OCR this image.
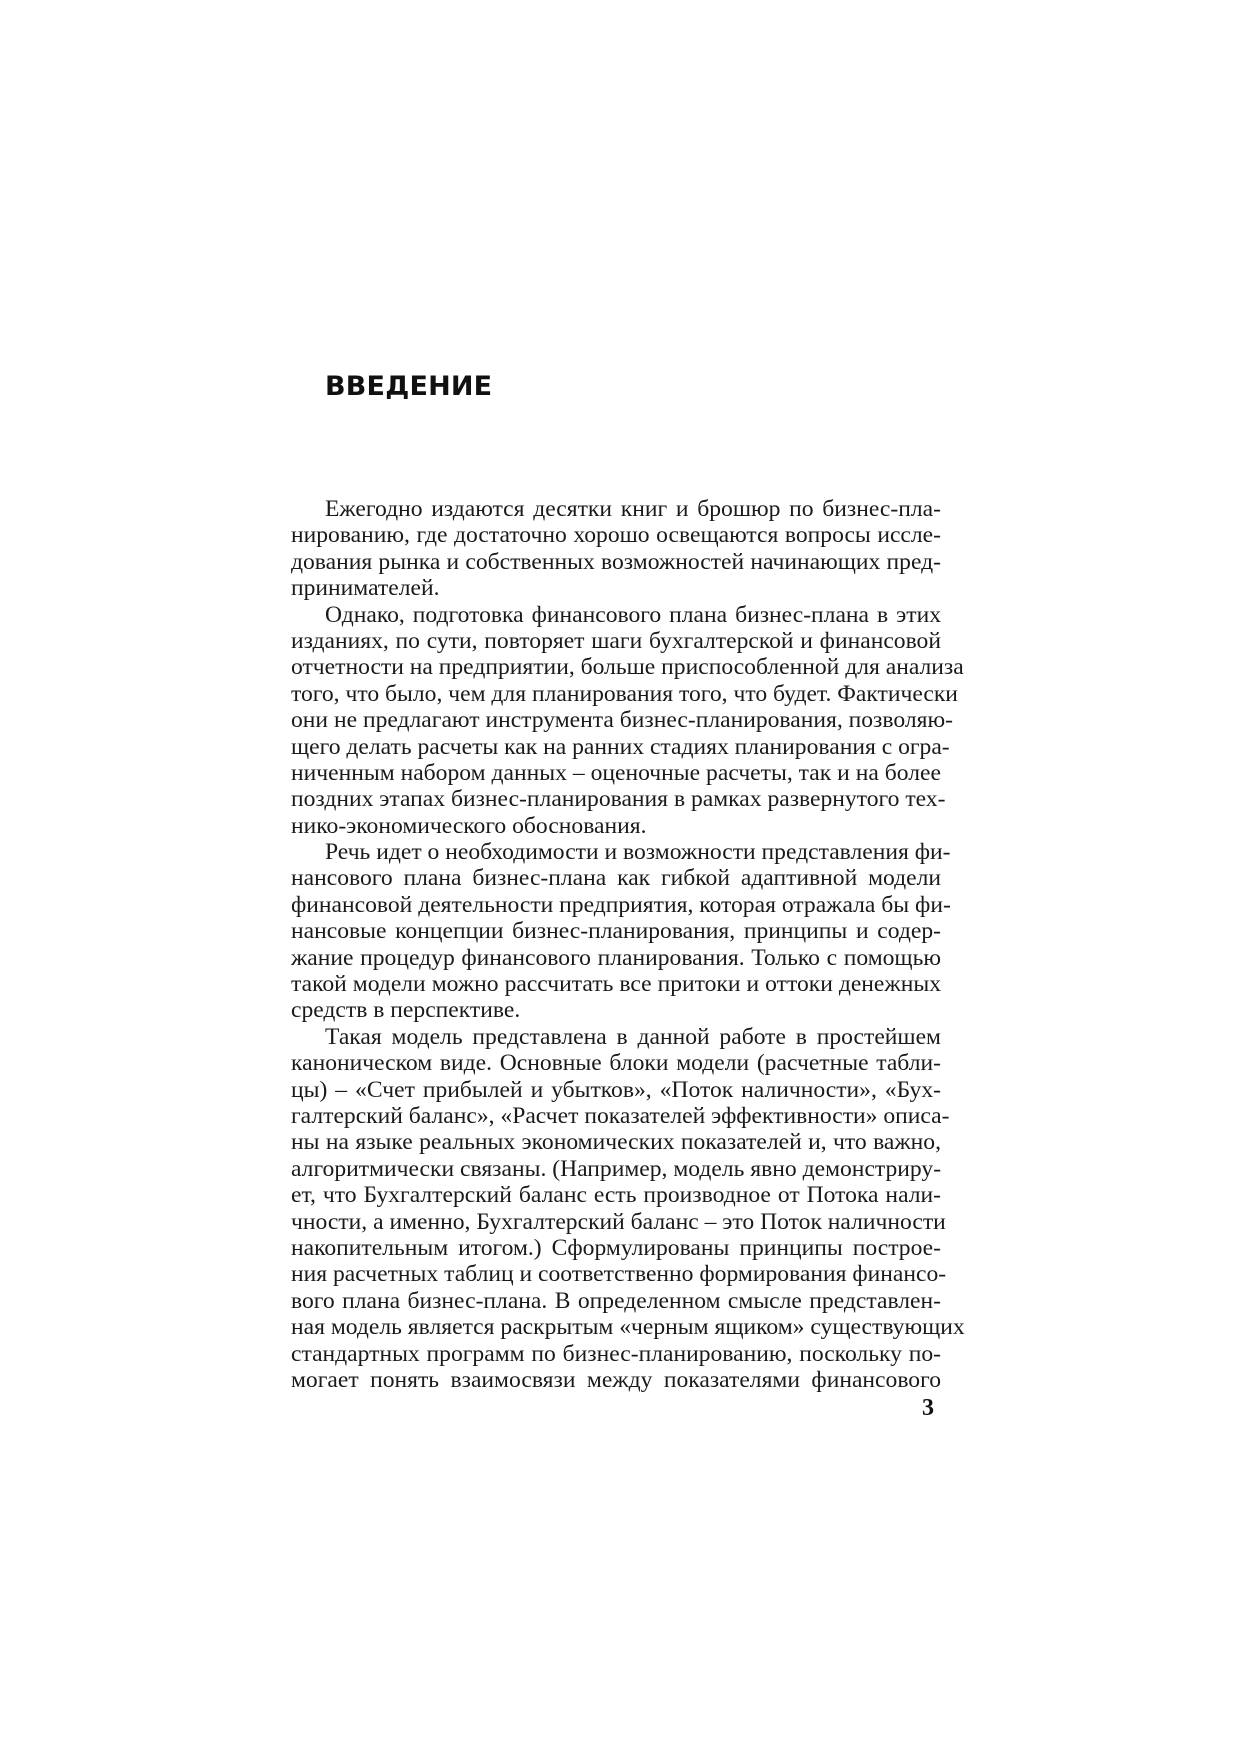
ВВЕДЕНИЕ
Ежегодно издаются десятки книг и брошюр по бизнес-пла-
нированию, где достаточно хорошо освещаются вопросы иссле-
дования рынка и собственных возможностей начинающих пред-
принимателей.
Однако, подготовка финансового плана бизнес-плана в этих
изданиях, по сути, повторяет шаги бухгалтерской и финансовой
отчетности на предприятии, больше приспособленной для анализа
того, что было, чем для планирования того, что будет. Фактически
они не предлагают инструмента бизнес-планирования, позволяю-
щего делать расчеты как на ранних стадиях планирования с огра-
ниченным набором данных – оценочные расчеты, так и на более
поздних этапах бизнес-планирования в рамках развернутого тех-
нико-экономического обоснования.
Речь идет о необходимости и возможности представления фи-
нансового плана бизнес-плана как гибкой адаптивной модели
финансовой деятельности предприятия, которая отражала бы фи-
нансовые концепции бизнес-планирования, принципы и содер-
жание процедур финансового планирования. Только с помощью
такой модели можно рассчитать все притоки и оттоки денежных
средств в перспективе.
Такая модель представлена в данной работе в простейшем
каноническом виде. Основные блоки модели (расчетные табли-
цы) – «Счет прибылей и убытков», «Поток наличности», «Бух-
галтерский баланс», «Расчет показателей эффективности» описа-
ны на языке реальных экономических показателей и, что важно,
алгоритмически связаны. (Например, модель явно демонстриру-
ет, что Бухгалтерский баланс есть производное от Потока нали-
чности, а именно, Бухгалтерский баланс – это Поток наличности
накопительным итогом.) Сформулированы принципы построе-
ния расчетных таблиц и соответственно формирования финансо-
вого плана бизнес-плана. В определенном смысле представлен-
ная модель является раскрытым «черным ящиком» существующих
стандартных программ по бизнес-планированию, поскольку по-
могает понять взаимосвязи между показателями финансового
3
